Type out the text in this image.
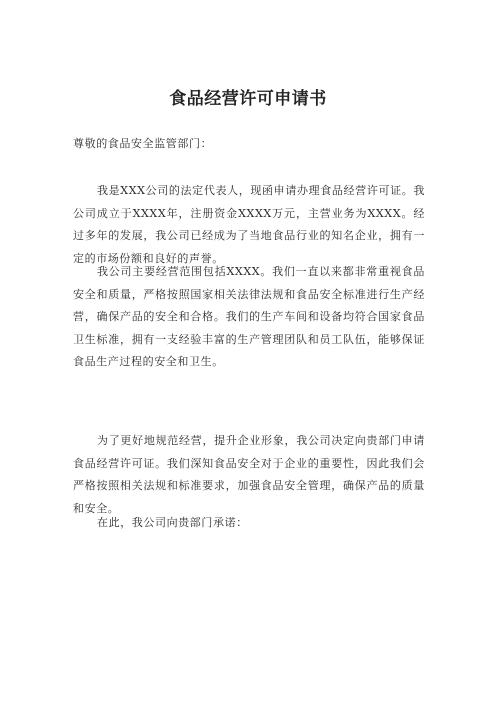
食品经营许可申请书

尊敬的食品安全监管部门：

我是XXX公司的法定代表人，现函申请办理食品经营许可证。我公司成立于XXXX年，注册资金XXXX万元，主营业务为XXXX。经过多年的发展，我公司已经成为了当地食品行业的知名企业，拥有一定的市场份额和良好的声誉。

我公司主要经营范围包括XXXX。我们一直以来都非常重视食品安全和质量，严格按照国家相关法律法规和食品安全标准进行生产经营，确保产品的安全和合格。我们的生产车间和设备均符合国家食品卫生标准，拥有一支经验丰富的生产管理团队和员工队伍，能够保证食品生产过程的安全和卫生。

为了更好地规范经营，提升企业形象，我公司决定向贵部门申请食品经营许可证。我们深知食品安全对于企业的重要性，因此我们会严格按照相关法规和标准要求，加强食品安全管理，确保产品的质量和安全。

在此，我公司向贵部门承诺：
